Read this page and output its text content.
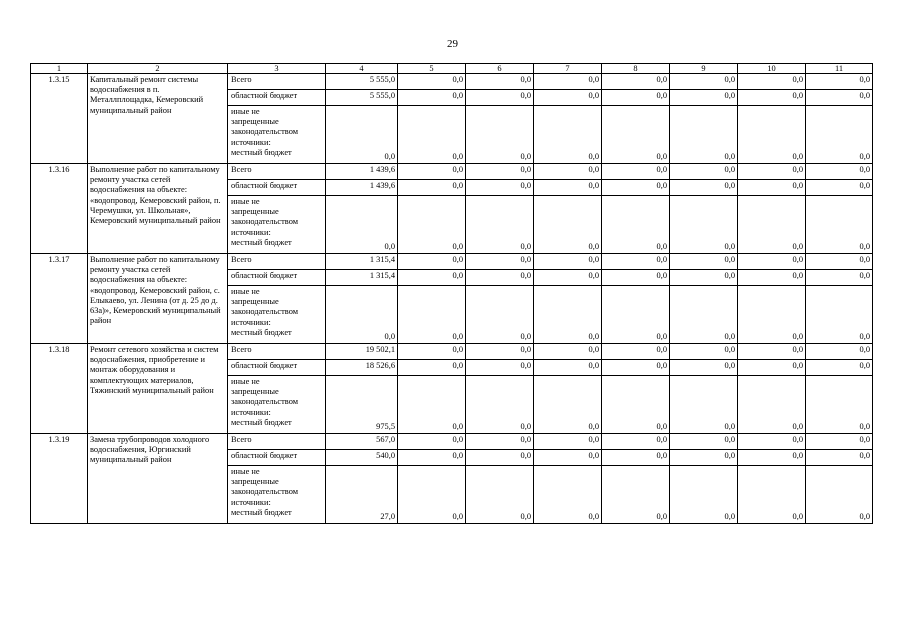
29
1	2	3	4	5	6	7	8	9	10	11
1.3.15	Капитальный ремонт системы водоснабжения в п. Металлплощадка, Кемеровский муниципальный район	Всего	5 555,0	0,0	0,0	0,0	0,0	0,0	0,0	0,0
		областной бюджет	5 555,0	0,0	0,0	0,0	0,0	0,0	0,0	0,0

		иные не
запрещенные
законодательством
источники:
местный бюджет	0,0	0,0	0,0	0,0	0,0	0,0	0,0	0,0
1.3.16	Выполнение работ по капитальному ремонту участка сетей водоснабжения на объекте: «водопровод, Кемеровский район, п. Черемушки, ул. Школьная», Кемеровский муниципальный район	Всего	1 439,6	0,0	0,0	0,0	0,0	0,0	0,0	0,0
		областной бюджет	1 439,6	0,0	0,0	0,0	0,0	0,0	0,0	0,0

		иные не
запрещенные
законодательством
источники:
местный бюджет	0,0	0,0	0,0	0,0	0,0	0,0	0,0	0,0
1.3.17	Выполнение работ по капитальному ремонту участка сетей водоснабжения на объекте: «водопровод, Кемеровский район, с. Елыкаево, ул. Ленина (от д. 25 до д. 63а)», Кемеровский муниципальный район	Всего	1 315,4	0,0	0,0	0,0	0,0	0,0	0,0	0,0
		областной бюджет	1 315,4	0,0	0,0	0,0	0,0	0,0	0,0	0,0

		иные не
запрещенные
законодательством
источники:
местный бюджет	0,0	0,0	0,0	0,0	0,0	0,0	0,0	0,0
1.3.18	Ремонт сетевого хозяйства и систем водоснабжения, приобретение и монтаж оборудования и комплектующих материалов, Тяжинский муниципальный район	Всего	19 502,1	0,0	0,0	0,0	0,0	0,0	0,0	0,0
		областной бюджет	18 526,6	0,0	0,0	0,0	0,0	0,0	0,0	0,0

		иные не
запрещенные
законодательством
источники:
местный бюджет	975,5	0,0	0,0	0,0	0,0	0,0	0,0	0,0
1.3.19	Замена трубопроводов холодного водоснабжения, Юргинский муниципальный район	Всего	567,0	0,0	0,0	0,0	0,0	0,0	0,0	0,0
		областной бюджет	540,0	0,0	0,0	0,0	0,0	0,0	0,0	0,0

		иные не
запрещенные
законодательством
источники:
местный бюджет	27,0	0,0	0,0	0,0	0,0	0,0	0,0	0,0
